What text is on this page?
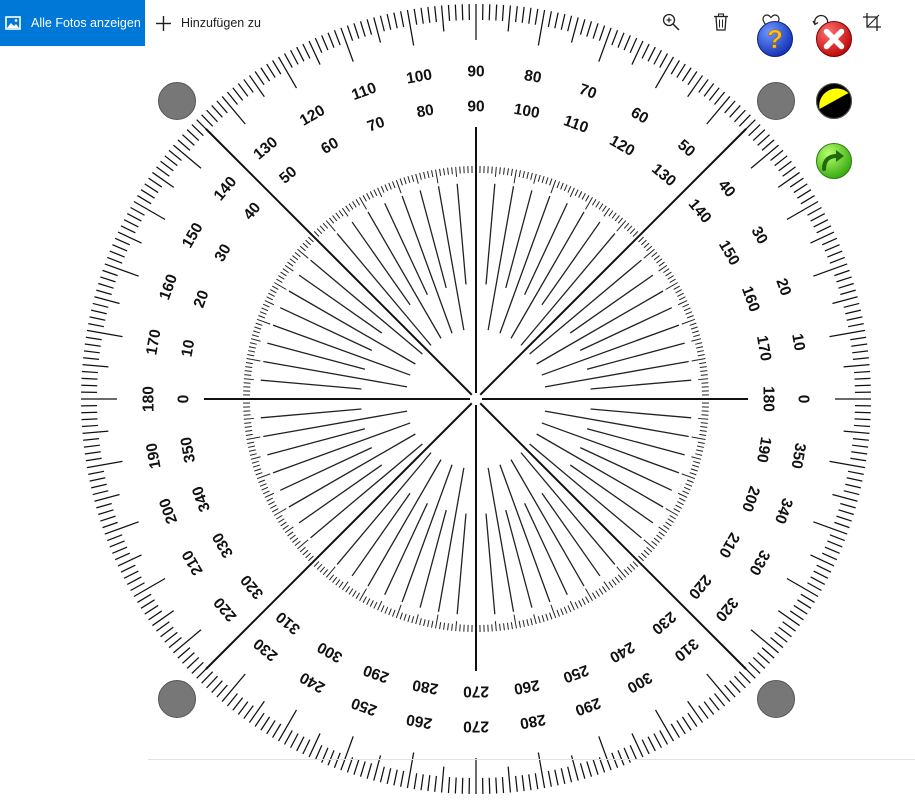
0
10
20
30
40
50
60
70
80
90
100
110
120
130
140
150
160
170
180
190
200
210
220
230
240
250
260 270 280
290
300
310
320
330
340
350
180
170
160
150
140
130
120
110
100
90
80
70
60
50
40
30
20
10
0
350
340
330
320
310
300
290
280 270 260
250
240
230
220
210
200
190
Alle Fotos anzeigen	Hinzufügen zu
?
